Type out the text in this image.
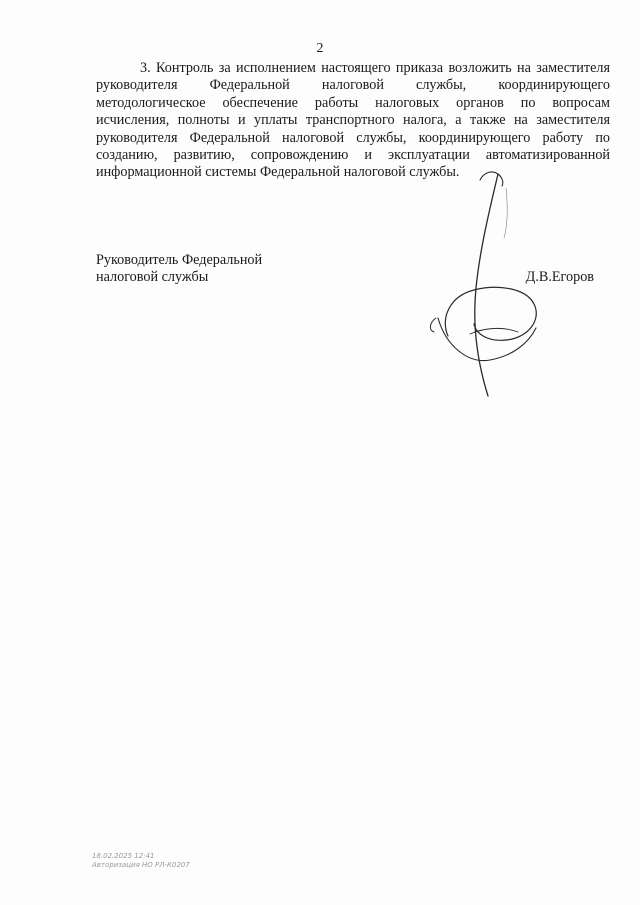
2
3. Контроль за исполнением настоящего приказа возложить на заместителя
руководителя Федеральной налоговой службы, координирующего
методологическое обеспечение работы налоговых органов по вопросам
исчисления, полноты и уплаты транспортного налога, а также на заместителя
руководителя Федеральной налоговой службы, координирующего работу по
созданию, развитию, сопровождению и эксплуатации автоматизированной
информационной системы Федеральной налоговой службы.
Руководитель Федеральной
налоговой службы	Д.В.Егоров
18.02.2025 12:41
Авторизация НО РЛ-К0207
